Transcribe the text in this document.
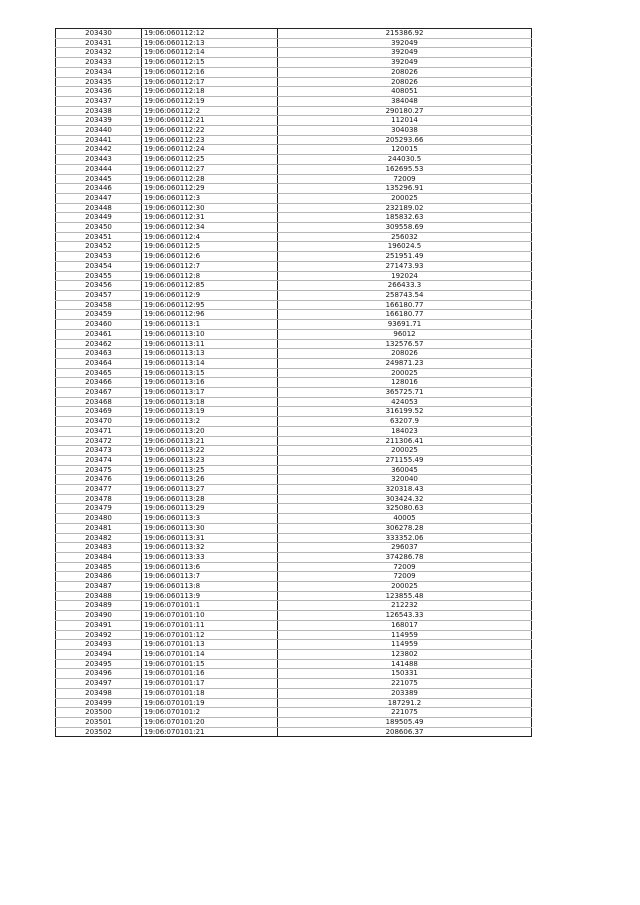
203430	19:06:060112:12	215386.92
203431	19:06:060112:13	392049
203432	19:06:060112:14	392049
203433	19:06:060112:15	392049
203434	19:06:060112:16	208026
203435	19:06:060112:17	208026
203436	19:06:060112:18	408051
203437	19:06:060112:19	384048
203438	19:06:060112:2	290180.27
203439	19:06:060112:21	112014
203440	19:06:060112:22	304038
203441	19:06:060112:23	205293.66
203442	19:06:060112:24	120015
203443	19:06:060112:25	244030.5
203444	19:06:060112:27	162695.53
203445	19:06:060112:28	72009
203446	19:06:060112:29	135296.91
203447	19:06:060112:3	200025
203448	19:06:060112:30	232189.02
203449	19:06:060112:31	185832.63
203450	19:06:060112:34	309558.69
203451	19:06:060112:4	256032
203452	19:06:060112:5	196024.5
203453	19:06:060112:6	251951.49
203454	19:06:060112:7	271473.93
203455	19:06:060112:8	192024
203456	19:06:060112:85	266433.3
203457	19:06:060112:9	258743.54
203458	19:06:060112:95	166180.77
203459	19:06:060112:96	166180.77
203460	19:06:060113:1	93691.71
203461	19:06:060113:10	96012
203462	19:06:060113:11	132576.57
203463	19:06:060113:13	208026
203464	19:06:060113:14	249871.23
203465	19:06:060113:15	200025
203466	19:06:060113:16	128016
203467	19:06:060113:17	365725.71
203468	19:06:060113:18	424053
203469	19:06:060113:19	316199.52
203470	19:06:060113:2	63207.9
203471	19:06:060113:20	184023
203472	19:06:060113:21	211306.41
203473	19:06:060113:22	200025
203474	19:06:060113:23	271155.49
203475	19:06:060113:25	360045
203476	19:06:060113:26	320040
203477	19:06:060113:27	320318.43
203478	19:06:060113:28	303424.32
203479	19:06:060113:29	325080.63
203480	19:06:060113:3	40005
203481	19:06:060113:30	306278.28
203482	19:06:060113:31	333352.06
203483	19:06:060113:32	296037
203484	19:06:060113:33	374286.78
203485	19:06:060113:6	72009
203486	19:06:060113:7	72009
203487	19:06:060113:8	200025
203488	19:06:060113:9	123855.48
203489	19:06:070101:1	212232
203490	19:06:070101:10	126543.33
203491	19:06:070101:11	168017
203492	19:06:070101:12	114959
203493	19:06:070101:13	114959
203494	19:06:070101:14	123802
203495	19:06:070101:15	141488
203496	19:06:070101:16	150331
203497	19:06:070101:17	221075
203498	19:06:070101:18	203389
203499	19:06:070101:19	187291.2
203500	19:06:070101:2	221075
203501	19:06:070101:20	189505.49
203502	19:06:070101:21	208606.37
